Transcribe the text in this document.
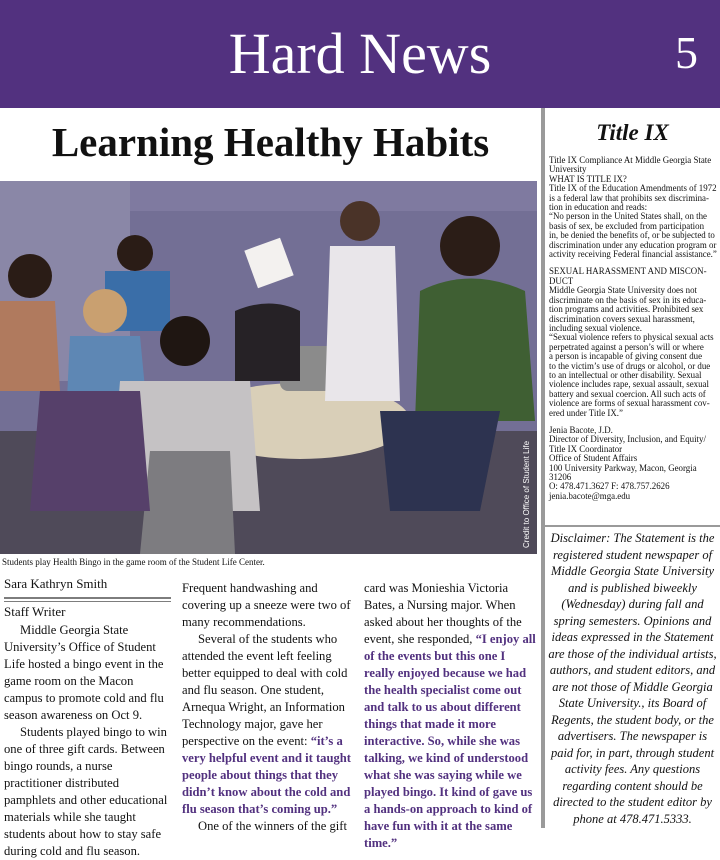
Hard News	5
Learning Healthy Habits
Credit to Office of Student Life
Students play Health Bingo in the game room of the Student Life Center.
Sara Kathryn Smith
Staff Writer

Middle Georgia State University’s Office of Student Life hosted a bingo event in the game room on the Macon campus to promote cold and flu season awareness on Oct 9.

Students played bingo to win one of three gift cards. Between bingo rounds, a nurse practitioner distributed pamphlets and other educational materials while she taught students about how to stay safe during cold and flu season.

Frequent handwashing and covering up a sneeze were two of many recommendations.

Several of the students who attended the event left feeling better equipped to deal with cold and flu season. One student, Arnequa Wright, an Information Technology major, gave her perspective on the event: “it’s a very helpful event and it taught people about things that they didn’t know about the cold and flu season that’s coming up.”

One of the winners of the gift

card was Monieshia Victoria Bates, a Nursing major. When asked about her thoughts of the event, she responded, “I enjoy all of the events but this one I really enjoyed because we had the health specialist come out and talk to us about different things that made it more interactive. So, while she was talking, we kind of understood what she was saying while we played bingo. It kind of gave us a hands-on approach to kind of have fun with it at the same time.”

Title IX
Title IX Compliance At Middle Georgia State
University
WHAT IS TITLE IX?
Title IX of the Education Amendments of 1972
is a federal law that prohibits sex discrimina-
tion in education and reads:
“No person in the United States shall, on the
basis of sex, be excluded from participation
in, be denied the benefits of, or be subjected to
discrimination under any education program or
activity receiving Federal financial assistance.”
SEXUAL HARASSMENT AND MISCON-
DUCT
Middle Georgia State University does not
discriminate on the basis of sex in its educa-
tion programs and activities. Prohibited sex
discrimination covers sexual harassment,
including sexual violence.
“Sexual violence refers to physical sexual acts
perpetrated against a person’s will or where
a person is incapable of giving consent due
to the victim’s use of drugs or alcohol, or due
to an intellectual or other disability. Sexual
violence includes rape, sexual assault, sexual
battery and sexual coercion. All such acts of
violence are forms of sexual harassment cov-
ered under Title IX.”
Jenia Bacote, J.D.
Director of Diversity, Inclusion, and Equity/
Title IX Coordinator
Office of Student Affairs
100 University Parkway, Macon, Georgia
31206
O: 478.471.3627 F: 478.757.2626
jenia.bacote@mga.edu
Disclaimer: The Statement is the registered student newspaper of Middle Georgia State University and is published biweekly (Wednesday) during fall and spring semesters. Opinions and ideas expressed in the Statement are those of the individual artists, authors, and student editors, and are not those of Middle Georgia State University., its Board of Regents, the student body, or the advertisers. The newspaper is paid for, in part, through student activity fees. Any questions regarding content should be directed to the student editor by phone at 478.471.5333.
